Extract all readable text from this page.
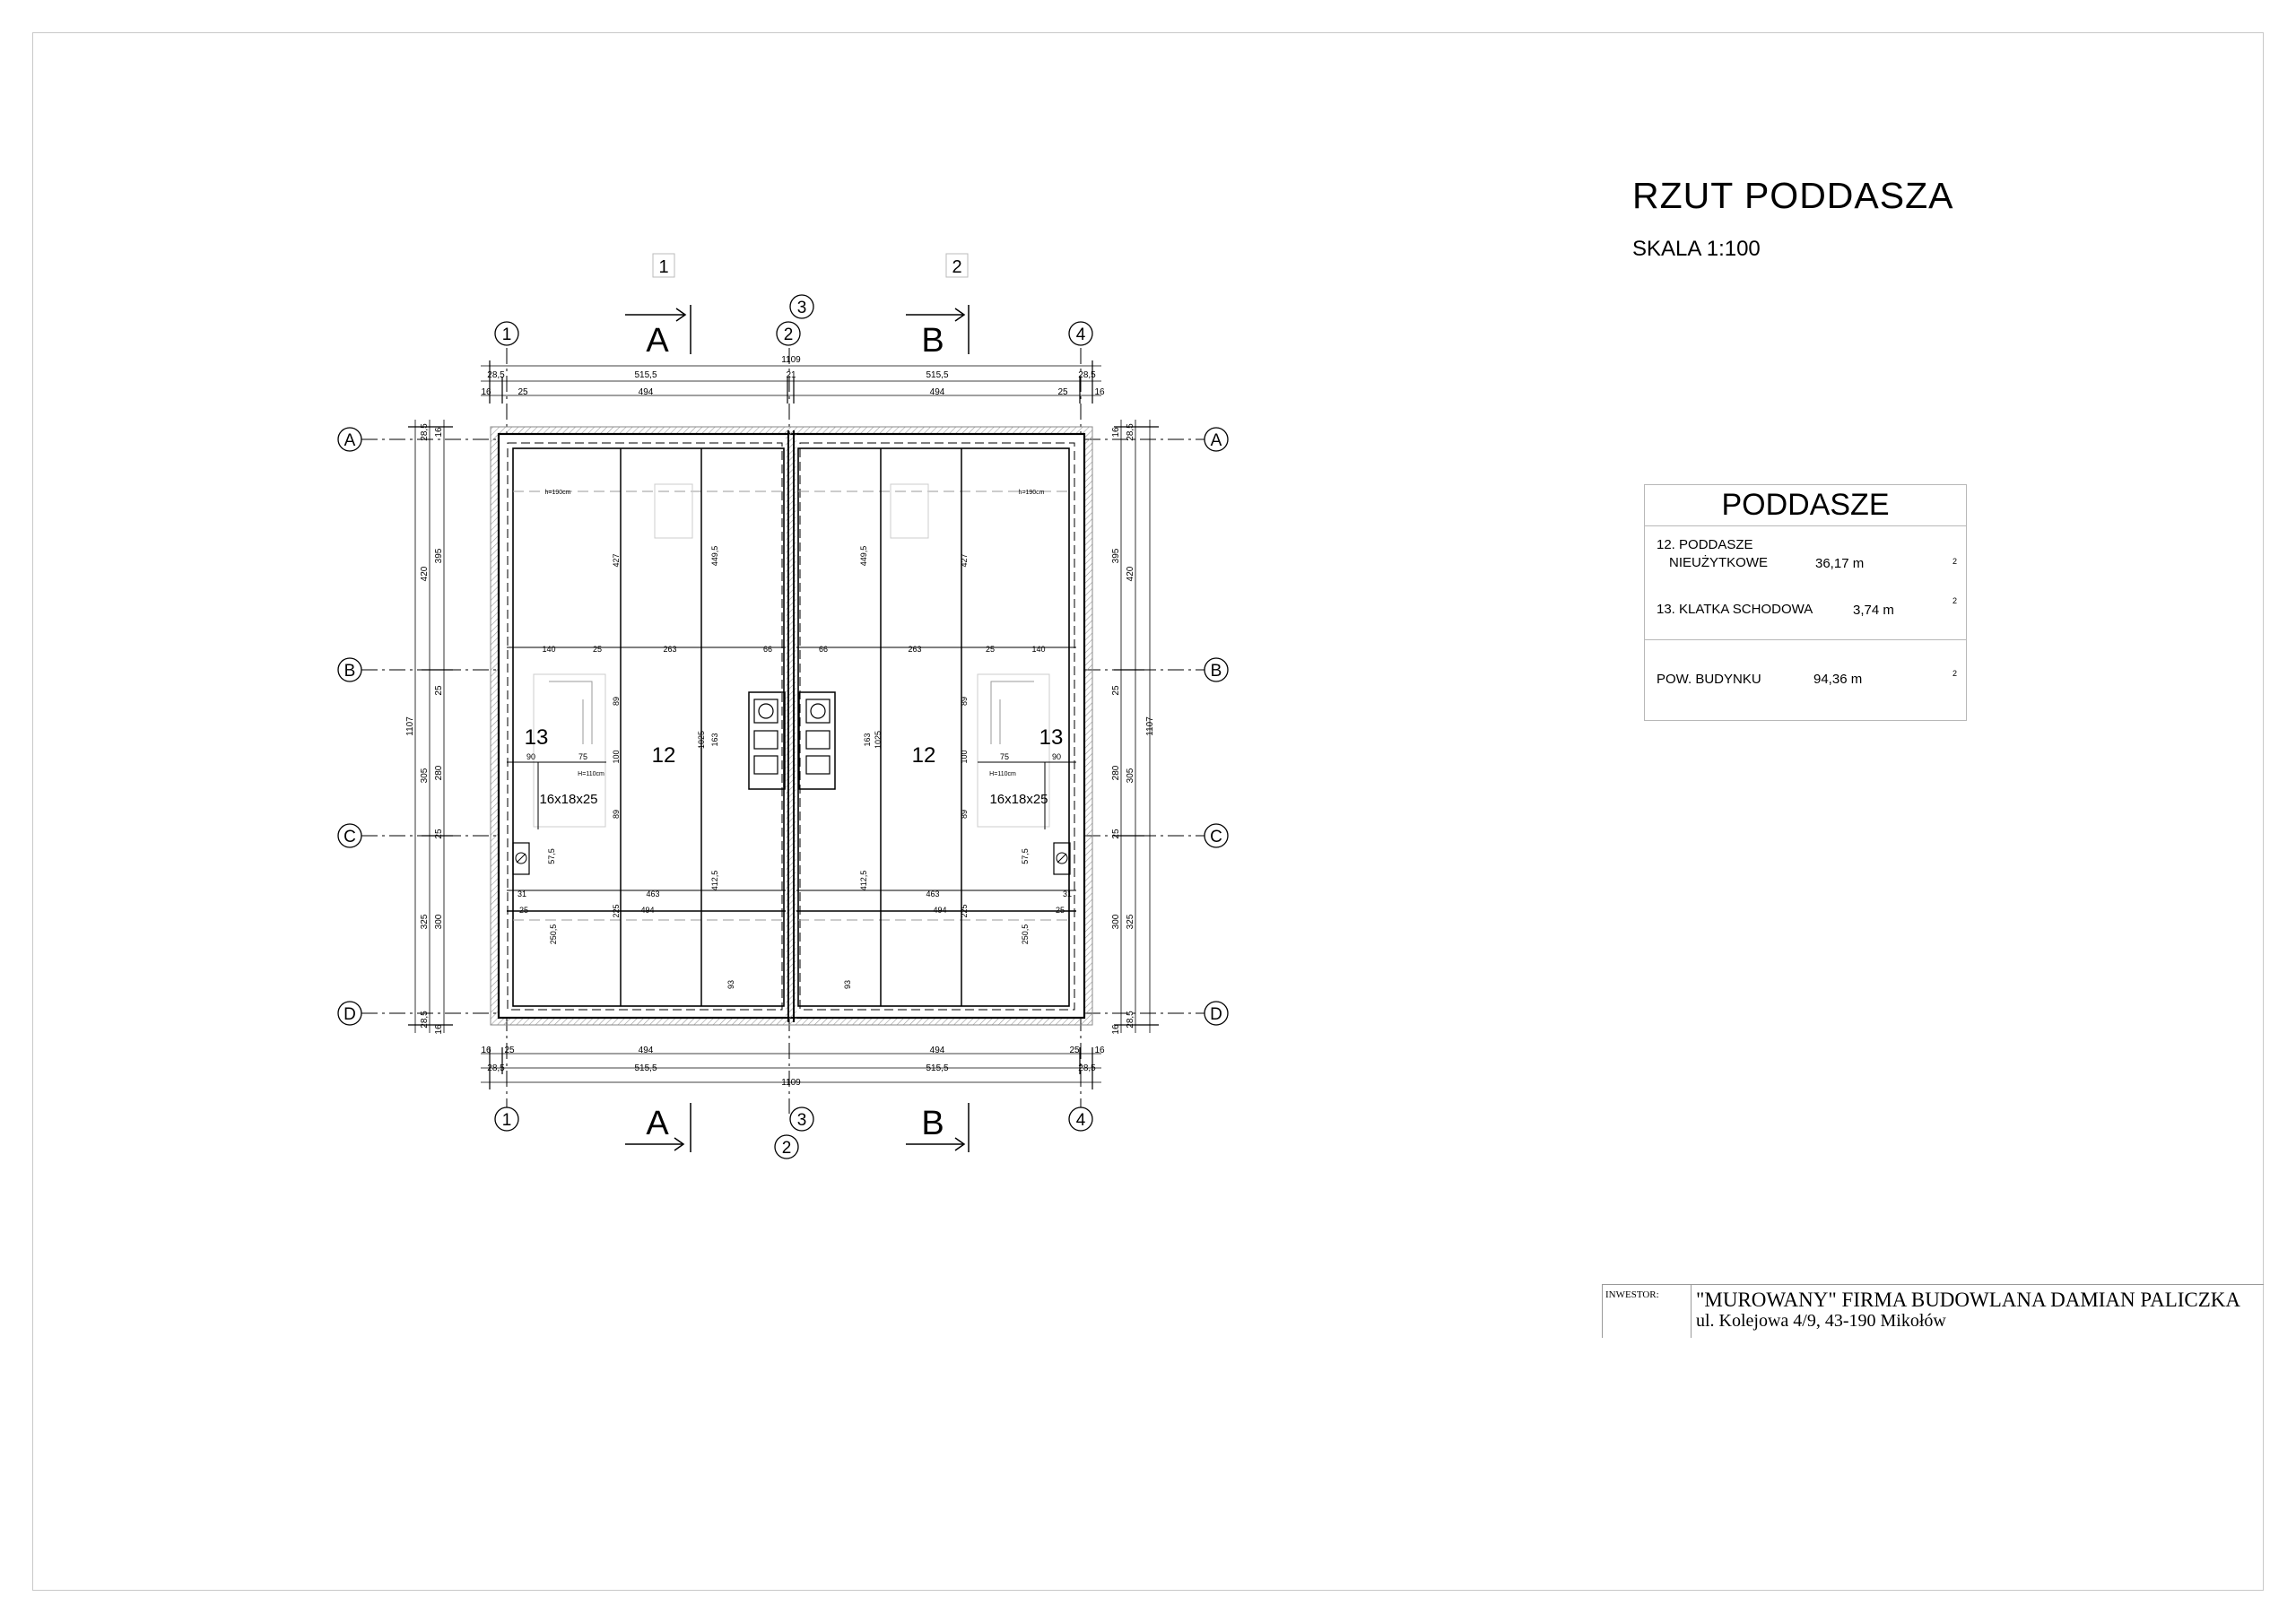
1	2
A	B
A	B
1	2
3
4
1	3
2
4
A
B
C
D
A
B
C
D
1109
28,5	515,5	21	515,5	28,5
16	25	494	494	25	16
16 25	494	494	25 16
28,5	515,5	515,5	28,5
1109
1107
28,5
420
305
325
28,5
16
395
25
280
25
300
16
1107
28,5
420
305
325
28,5
16
395
25
280
25
300
16
12	12
13	13
16x18x25	16x18x25
h=190cm	h=190cm
H=110cm	H=110cm
140	25	263	66	66	263	25	140
90	75	75	90
463	463
31	31
25	25
494	494
427	427
449,5	449,5
1025	1025
163	163
100	100
89	89
89	89
57,5	57,5
412,5	412,5
250,5	250,5
225	225
93	93
RZUT PODDASZA
SKALA 1:100
PODDASZE
12. PODDASZE
NIEUŻYTKOWE	36,17 m	2
13. KLATKA SCHODOWA	3,74 m
2
POW. BUDYNKU	94,36 m	2
INWESTOR: "MUROWANY" FIRMA BUDOWLANA DAMIAN PALICZKA
ul. Kolejowa 4/9, 43-190 Mikołów
